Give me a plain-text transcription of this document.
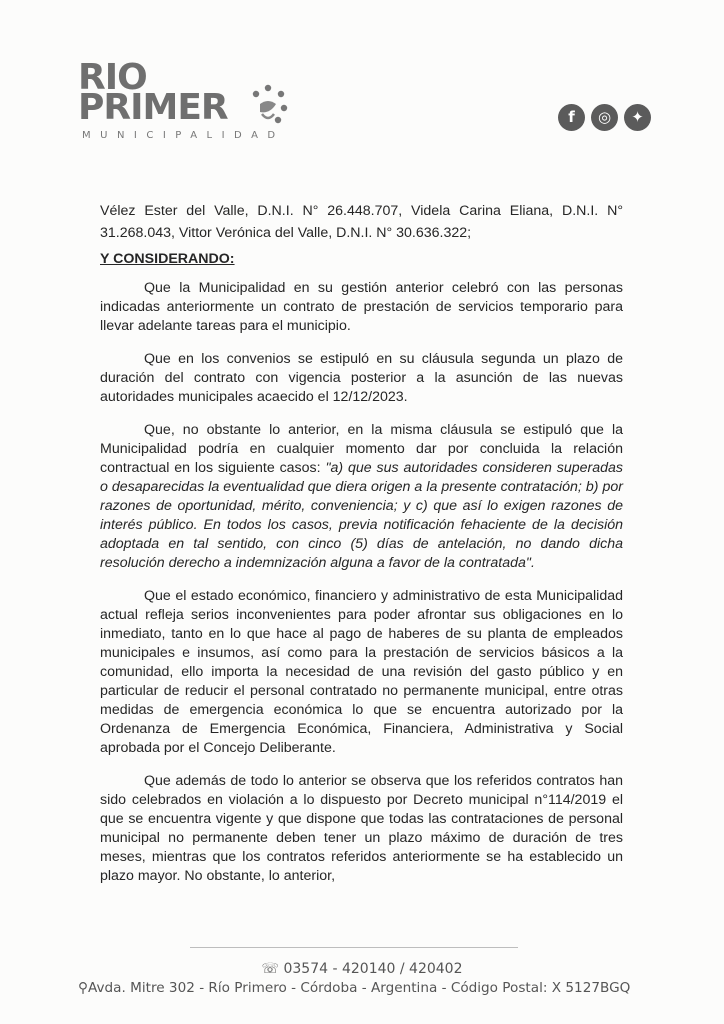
RIO
PRIMER
MUNICIPALIDAD
f	◎	✦

Vélez Ester del Valle, D.N.I. N° 26.448.707, Videla Carina Eliana, D.N.I. N° 31.268.043, Vittor Verónica del Valle, D.N.I. N° 30.636.322;

Y CONSIDERANDO:

Que la Municipalidad en su gestión anterior celebró con las personas indicadas anteriormente un contrato de prestación de servicios temporario para llevar adelante tareas para el municipio.

Que en los convenios se estipuló en su cláusula segunda un plazo de duración del contrato con vigencia posterior a la asunción de las nuevas autoridades municipales acaecido el 12/12/2023.

Que, no obstante lo anterior, en la misma cláusula se estipuló que la Municipalidad podría en cualquier momento dar por concluida la relación contractual en los siguiente casos: "a) que sus autoridades consideren superadas o desaparecidas la eventualidad que diera origen a la presente contratación; b) por razones de oportunidad, mérito, conveniencia; y c) que así lo exigen razones de interés público. En todos los casos, previa notificación fehaciente de la decisión adoptada en tal sentido, con cinco (5) días de antelación, no dando dicha resolución derecho a indemnización alguna a favor de la contratada".

Que el estado económico, financiero y administrativo de esta Municipalidad actual refleja serios inconvenientes para poder afrontar sus obligaciones en lo inmediato, tanto en lo que hace al pago de haberes de su planta de empleados municipales e insumos, así como para la prestación de servicios básicos a la comunidad, ello importa la necesidad de una revisión del gasto público y en particular de reducir el personal contratado no permanente municipal, entre otras medidas de emergencia económica lo que se encuentra autorizado por la Ordenanza de Emergencia Económica, Financiera, Administrativa y Social aprobada por el Concejo Deliberante.

Que además de todo lo anterior se observa que los referidos contratos han sido celebrados en violación a lo dispuesto por Decreto municipal n°114/2019 el que se encuentra vigente y que dispone que todas las contrataciones de personal municipal no permanente deben tener un plazo máximo de duración de tres meses, mientras que los contratos referidos anteriormente se ha establecido un plazo mayor. No obstante, lo anterior,

☏ 03574 - 420140 / 420402
⚲Avda. Mitre 302 - Río Primero - Córdoba - Argentina - Código Postal: X 5127BGQ
